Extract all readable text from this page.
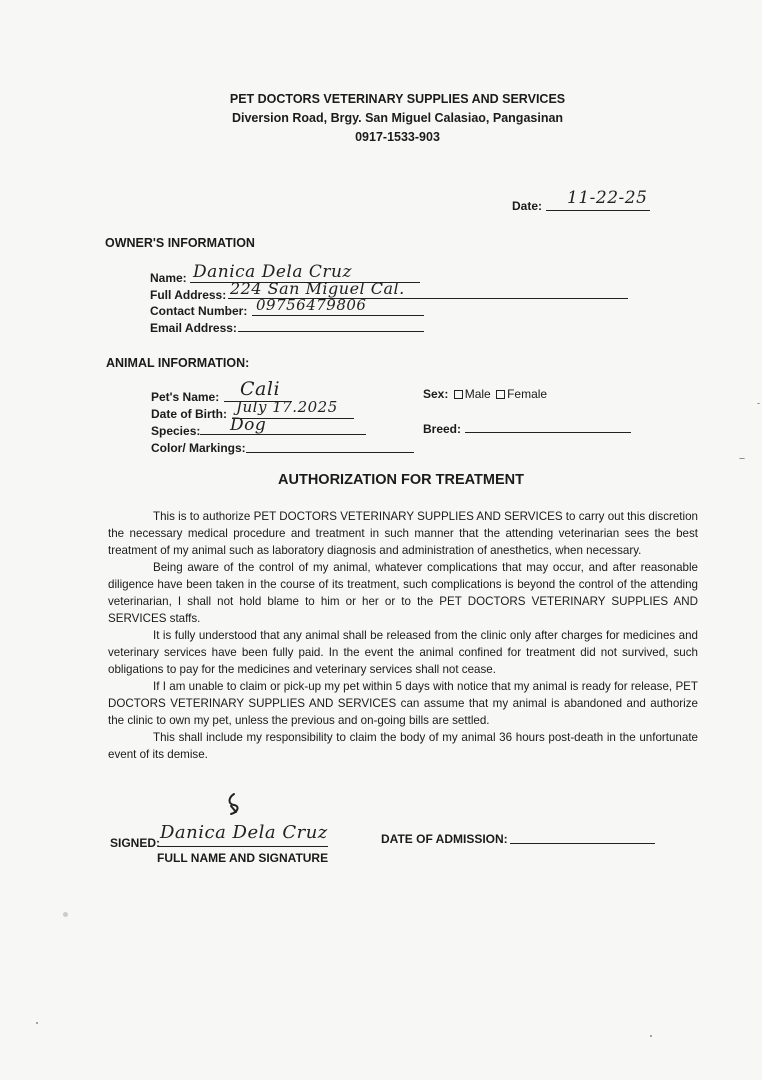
PET DOCTORS VETERINARY SUPPLIES AND SERVICES
Diversion Road, Brgy. San Miguel Calasiao, Pangasinan
0917-1533-903
Date: 11-22-25
OWNER'S INFORMATION
Name: Danica Dela Cruz
Full Address: 224 San Miguel Cal.
Contact Number: 09756479806
Email Address:
ANIMAL INFORMATION:
Pet's Name: Cali
Date of Birth: July 17.2025
Species: Dog
Color/ Markings:
Sex: Male Female
Breed:
AUTHORIZATION FOR TREATMENT

This is to authorize PET DOCTORS VETERINARY SUPPLIES AND SERVICES to carry out this discretion the necessary medical procedure and treatment in such manner that the attending veterinarian sees the best treatment of my animal such as laboratory diagnosis and administration of anesthetics, when necessary.

Being aware of the control of my animal, whatever complications that may occur, and after reasonable diligence have been taken in the course of its treatment, such complications is beyond the control of the attending veterinarian, I shall not hold blame to him or her or to the PET DOCTORS VETERINARY SUPPLIES AND SERVICES staffs.

It is fully understood that any animal shall be released from the clinic only after charges for medicines and veterinary services have been fully paid. In the event the animal confined for treatment did not survived, such obligations to pay for the medicines and veterinary services shall not cease.

If I am unable to claim or pick-up my pet within 5 days with notice that my animal is ready for release, PET DOCTORS VETERINARY SUPPLIES AND SERVICES can assume that my animal is abandoned and authorize the clinic to own my pet, unless the previous and on-going bills are settled.

This shall include my responsibility to claim the body of my animal 36 hours post-death in the unfortunate event of its demise.

SIGNED: Danica Dela Cruz
FULL NAME AND SIGNATURE
DATE OF ADMISSION:
